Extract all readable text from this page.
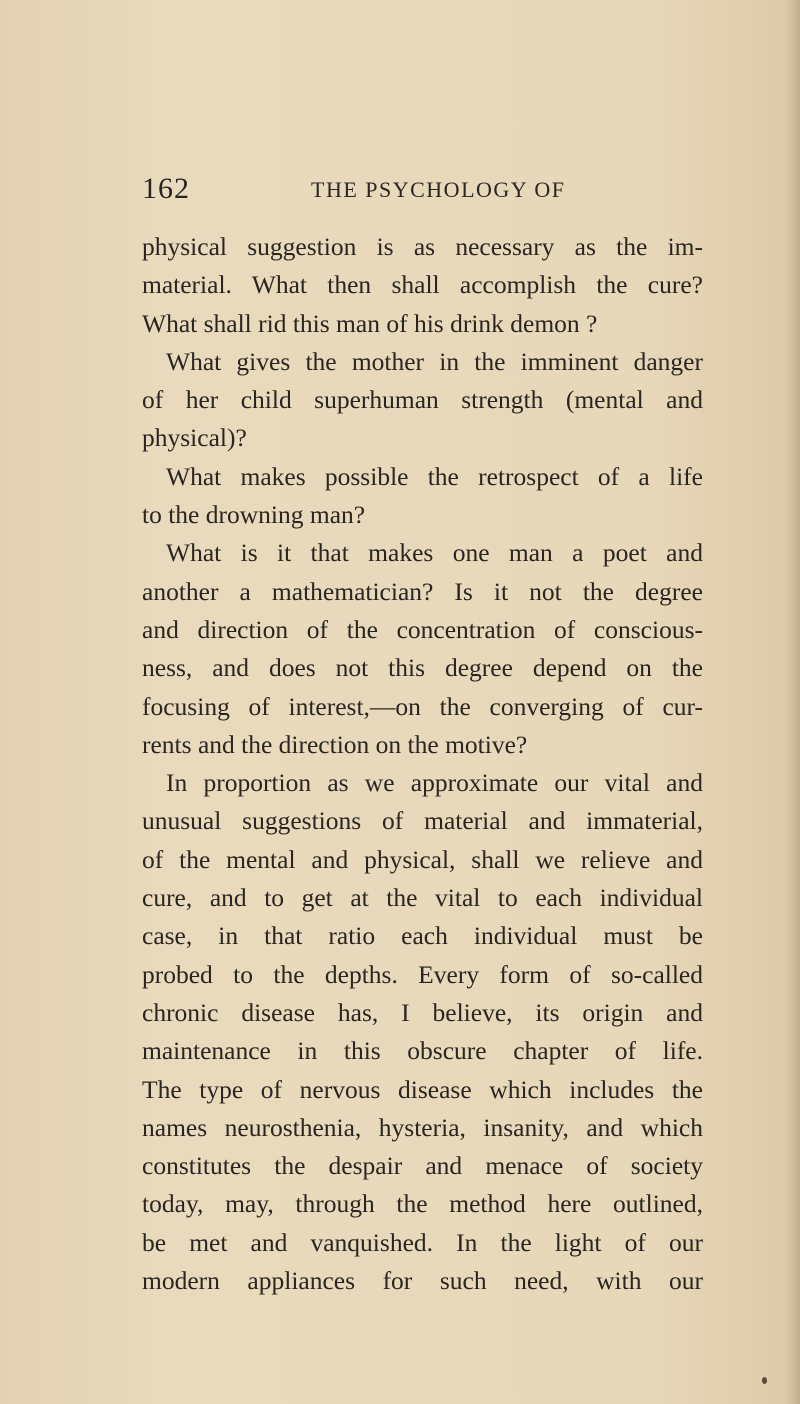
162	THE PSYCHOLOGY OF
physical suggestion is as necessary as the im-
material. What then shall accomplish the cure?
What shall rid this man of his drink demon ?
What gives the mother in the imminent danger
of her child superhuman strength (mental and
physical)?
What makes possible the retrospect of a life
to the drowning man?
What is it that makes one man a poet and
another a mathematician? Is it not the degree
and direction of the concentration of conscious-
ness, and does not this degree depend on the
focusing of interest,—on the converging of cur-
rents and the direction on the motive?
In proportion as we approximate our vital and
unusual suggestions of material and immaterial,
of the mental and physical, shall we relieve and
cure, and to get at the vital to each individual
case, in that ratio each individual must be
probed to the depths. Every form of so-called
chronic disease has, I believe, its origin and
maintenance in this obscure chapter of life.
The type of nervous disease which includes the
names neurosthenia, hysteria, insanity, and which
constitutes the despair and menace of society
today, may, through the method here outlined,
be met and vanquished. In the light of our
modern appliances for such need, with our
